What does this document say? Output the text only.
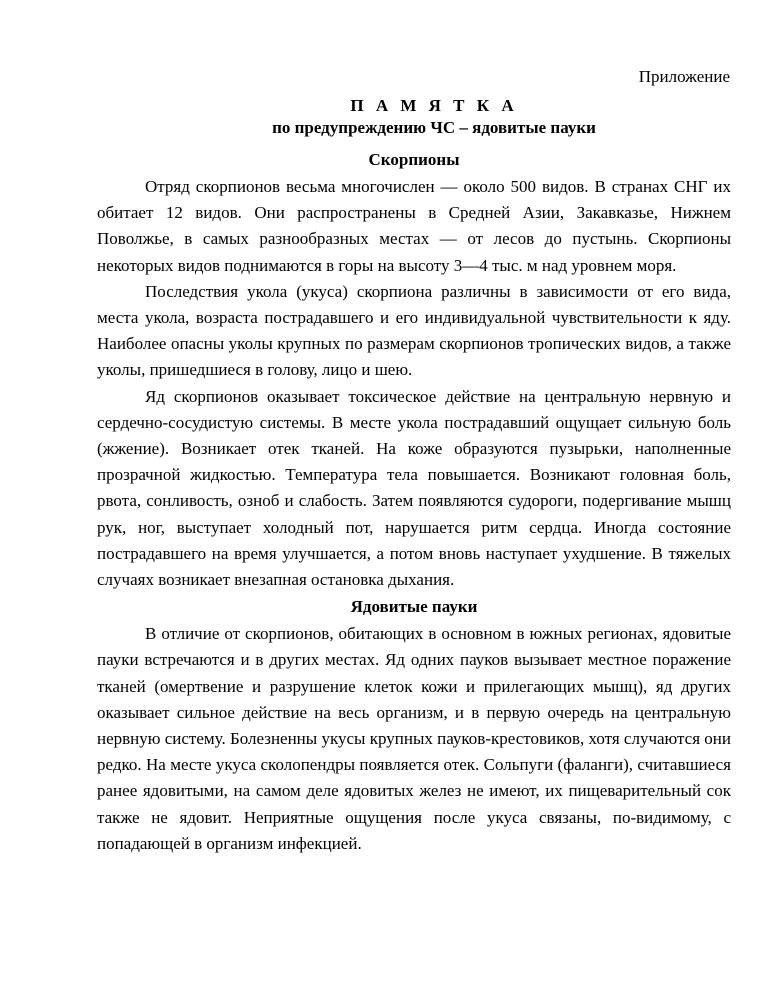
Приложение
П А М Я Т К А
по предупреждению ЧС – ядовитые пауки

Скорпионы

Отряд скорпионов весьма многочислен — около 500 видов. В странах СНГ их обитает 12 видов. Они распространены в Средней Азии, Закавказье, Нижнем Поволжье, в самых разнообразных местах — от лесов до пустынь. Скорпионы некоторых видов поднимаются в горы на высоту 3—4 тыс. м над уровнем моря.

Последствия укола (укуса) скорпиона различны в зависимости от его вида, места укола, возраста пострадавшего и его индивидуальной чувствительности к яду. Наиболее опасны уколы крупных по размерам скорпионов тропических видов, а также уколы, пришедшиеся в голову, лицо и шею.

Яд скорпионов оказывает токсическое действие на центральную нервную и сердечно-сосудистую системы. В месте укола пострадавший ощущает сильную боль (жжение). Возникает отек тканей. На коже образуются пузырьки, наполненные прозрачной жидкостью. Температура тела повышается. Возникают головная боль, рвота, сонливость, озноб и слабость. Затем появляются судороги, подергивание мышц рук, ног, выступает холодный пот, нарушается ритм сердца. Иногда состояние пострадавшего на время улучшается, а потом вновь наступает ухудшение. В тяжелых случаях возникает внезапная остановка дыхания.

Ядовитые пауки

В отличие от скорпионов, обитающих в основном в южных регионах, ядовитые пауки встречаются и в других местах. Яд одних пауков вызывает местное поражение тканей (омертвение и разрушение клеток кожи и прилегающих мышц), яд других оказывает сильное действие на весь организм, и в первую очередь на центральную нервную систему. Болезненны укусы крупных пауков-крестовиков, хотя случаются они редко. На месте укуса сколопендры появляется отек. Сольпуги (фаланги), считавшиеся ранее ядовитыми, на самом деле ядовитых желез не имеют, их пищеварительный сок также не ядовит. Неприятные ощущения после укуса связаны, по-видимому, с попадающей в организм инфекцией.
